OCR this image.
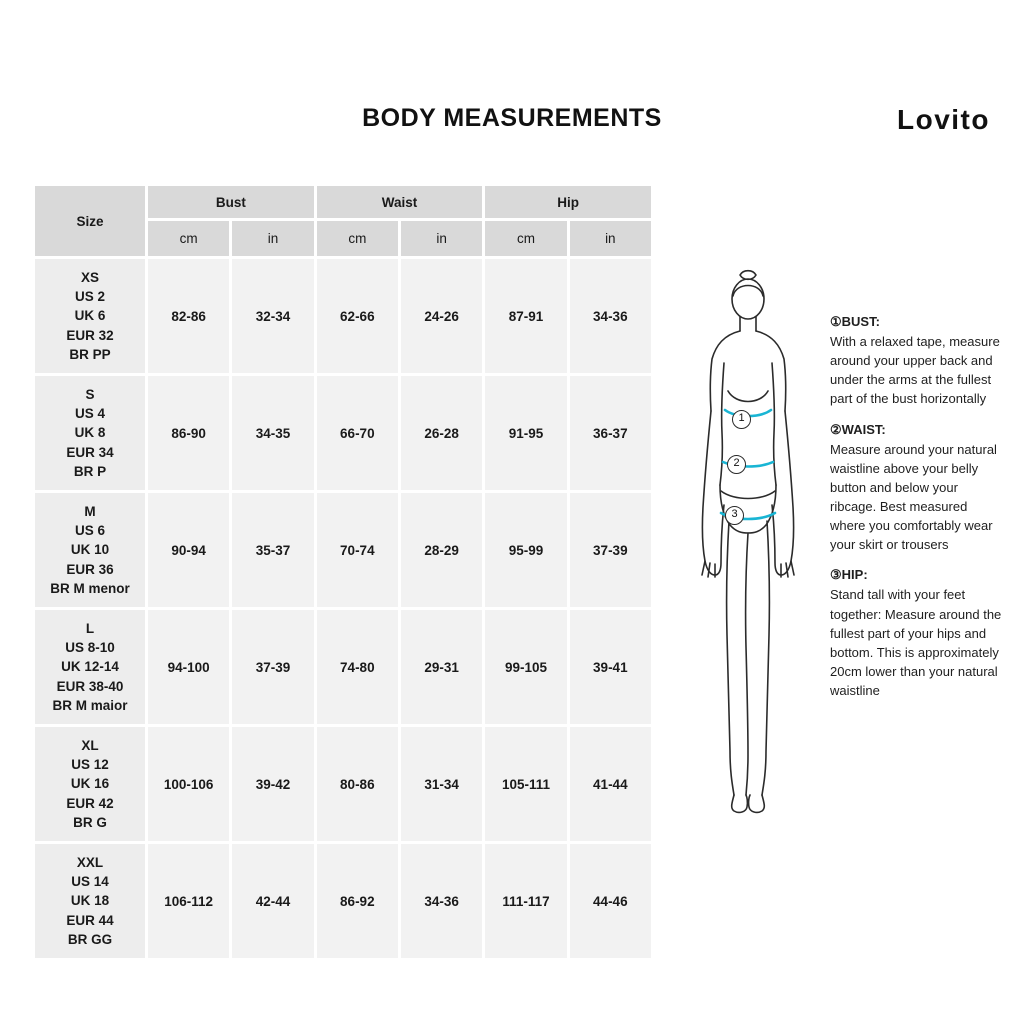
BODY MEASUREMENTS	Lovito
Size	Bust		Waist		Hip	
	cm	in	cm	in	cm	in
XS
US 2
UK 6
EUR 32
BR PP	82-86	32-34	62-66	24-26	87-91	34-36
S
US 4
UK 8
EUR 34
BR P	86-90	34-35	66-70	26-28	91-95	36-37
M
US 6
UK 10
EUR 36
BR M menor	90-94	35-37	70-74	28-29	95-99	37-39
L
US 8-10
UK 12-14
EUR 38-40
BR M maior	94-100	37-39	74-80	29-31	99-105	39-41
XL
US 12
UK 16
EUR 42
BR G	100-106	39-42	80-86	31-34	105-111	41-44
XXL
US 14
UK 18
EUR 44
BR GG	106-112	42-44	86-92	34-36	111-117	44-46
1
2
3
①BUST:
With a relaxed tape, measure around your upper back and under the arms at the fullest part of the bust horizontally
②WAIST:
Measure around your natural waistline above your belly button and below your ribcage. Best measured where you comfortably wear your skirt or trousers
③HIP:
Stand tall with your feet together: Measure around the fullest part of your hips and bottom. This is approximately 20cm lower than your natural waistline
